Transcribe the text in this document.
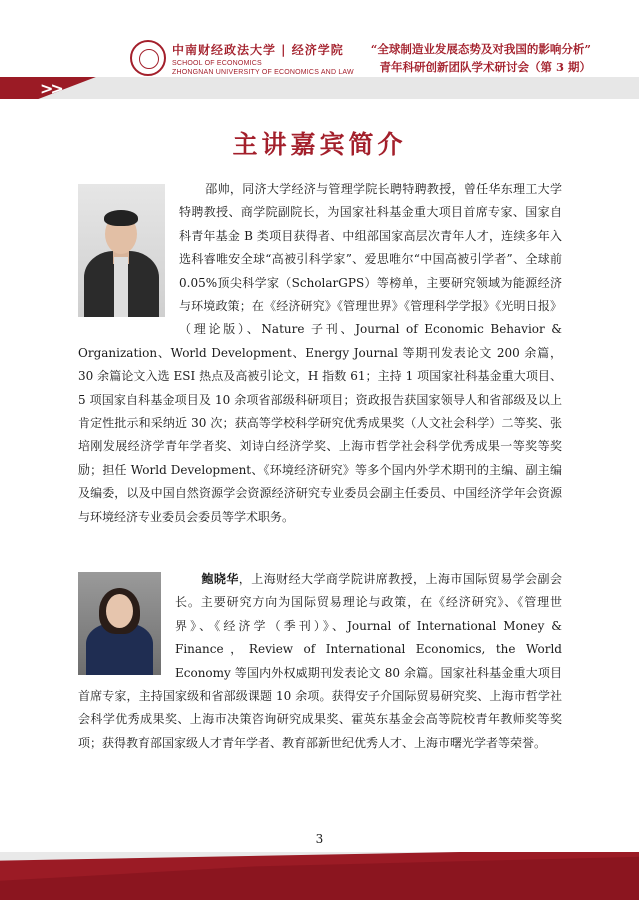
中南财经政法大学 | 经济学院
SCHOOL OF ECONOMICS
ZHONGNAN UNIVERSITY OF ECONOMICS AND LAW
“全球制造业发展态势及对我国的影响分析”
青年科研创新团队学术研讨会（第 3 期）
>>
主讲嘉宾简介
邵帅，同济大学经济与管理学院长聘特聘教授，曾任华东理工大学特聘教授、商学院副院长，为国家社科基金重大项目首席专家、国家自科青年基金 B 类项目获得者、中组部国家高层次青年人才，连续多年入选科睿唯安全球“高被引科学家”、爱思唯尔“中国高被引学者”、全球前 0.05%顶尖科学家（ScholarGPS）等榜单，主要研究领域为能源经济与环境政策；在《经济研究》《管理世界》《管理科学学报》《光明日报》（理论版）、Nature 子刊、Journal of Economic Behavior & Organization、World Development、Energy Journal 等期刊发表论文 200 余篇，30 余篇论文入选 ESI 热点及高被引论文，H 指数 61；主持 1 项国家社科基金重大项目、5 项国家自科基金项目及 10 余项省部级科研项目；资政报告获国家领导人和省部级及以上肯定性批示和采纳近 30 次；获高等学校科学研究优秀成果奖（人文社会科学）二等奖、张培刚发展经济学青年学者奖、刘诗白经济学奖、上海市哲学社会科学优秀成果一等奖等奖励；担任 World Development、《环境经济研究》等多个国内外学术期刊的主编、副主编及编委，以及中国自然资源学会资源经济研究专业委员会副主任委员、中国经济学年会资源与环境经济专业委员会委员等学术职务。
鲍晓华，上海财经大学商学院讲席教授，上海市国际贸易学会副会长。主要研究方向为国际贸易理论与政策，在《经济研究》、《管理世界》、《经济学（季刊）》、Journal of International Money & Finance，Review of International Economics, the World Economy 等国内外权威期刊发表论文 80 余篇。国家社科基金重大项目首席专家，主持国家级和省部级课题 10 余项。获得安子介国际贸易研究奖、上海市哲学社会科学优秀成果奖、上海市决策咨询研究成果奖、霍英东基金会高等院校青年教师奖等奖项；获得教育部国家级人才青年学者、教育部新世纪优秀人才、上海市曙光学者等荣誉。
3
